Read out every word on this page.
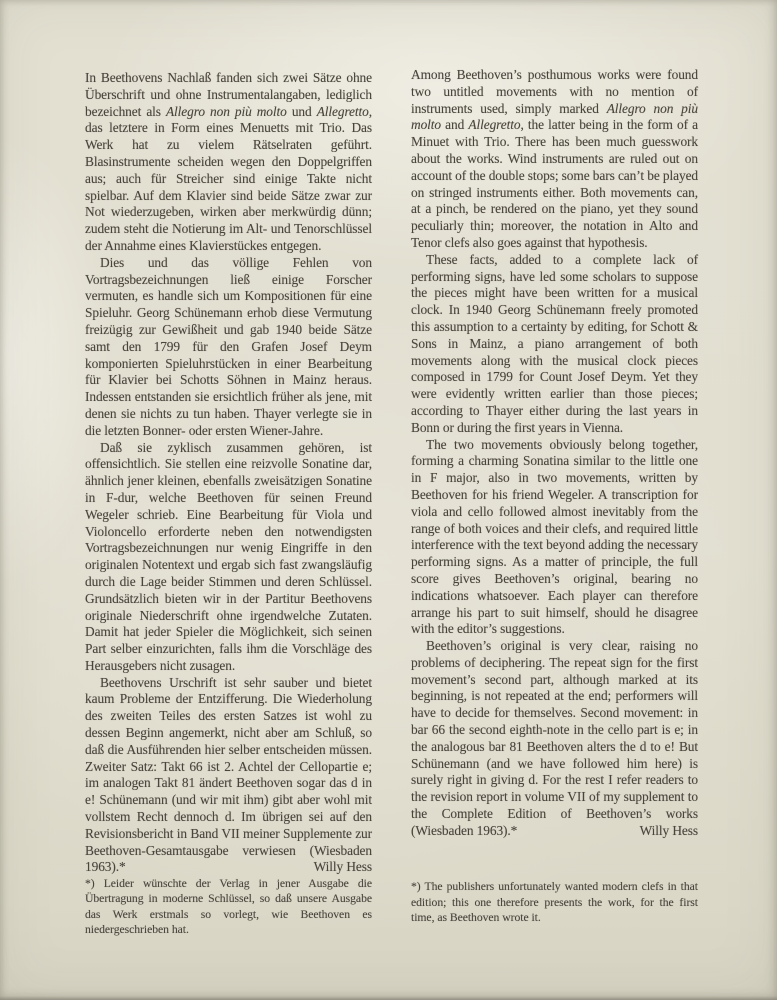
In Beethovens Nachlaß fanden sich zwei Sätze ohne Überschrift und ohne Instrumentalangaben, lediglich bezeichnet als Allegro non più molto und Allegretto, das letztere in Form eines Menuetts mit Trio. Das Werk hat zu vielem Rätselraten geführt. Blasinstrumente scheiden wegen den Doppelgriffen aus; auch für Streicher sind einige Takte nicht spielbar. Auf dem Klavier sind beide Sätze zwar zur Not wiederzugeben, wirken aber merkwürdig dünn; zudem steht die Notierung im Alt- und Tenorschlüssel der Annahme eines Klavierstückes entgegen.

Dies und das völlige Fehlen von Vortragsbezeichnungen ließ einige Forscher vermuten, es handle sich um Kompositionen für eine Spieluhr. Georg Schünemann erhob diese Vermutung freizügig zur Gewißheit und gab 1940 beide Sätze samt den 1799 für den Grafen Josef Deym komponierten Spieluhrstücken in einer Bearbeitung für Klavier bei Schotts Söhnen in Mainz heraus. Indessen entstanden sie ersichtlich früher als jene, mit denen sie nichts zu tun haben. Thayer verlegte sie in die letzten Bonner- oder ersten Wiener-Jahre.

Daß sie zyklisch zusammen gehören, ist offensichtlich. Sie stellen eine reizvolle Sonatine dar, ähnlich jener kleinen, ebenfalls zweisätzigen Sonatine in F-dur, welche Beethoven für seinen Freund Wegeler schrieb. Eine Bearbeitung für Viola und Violoncello erforderte neben den notwendigsten Vortragsbezeichnungen nur wenig Eingriffe in den originalen Notentext und ergab sich fast zwangsläufig durch die Lage beider Stimmen und deren Schlüssel. Grundsätzlich bieten wir in der Partitur Beethovens originale Niederschrift ohne irgendwelche Zutaten. Damit hat jeder Spieler die Möglichkeit, sich seinen Part selber einzurichten, falls ihm die Vorschläge des Herausgebers nicht zusagen.

Beethovens Urschrift ist sehr sauber und bietet kaum Probleme der Entzifferung. Die Wiederholung des zweiten Teiles des ersten Satzes ist wohl zu dessen Beginn angemerkt, nicht aber am Schluß, so daß die Ausführenden hier selber entscheiden müssen. Zweiter Satz: Takt 66 ist 2. Achtel der Cellopartie e; im analogen Takt 81 ändert Beethoven sogar das d in e! Schünemann (und wir mit ihm) gibt aber wohl mit vollstem Recht dennoch d. Im übrigen sei auf den Revisionsbericht in Band VII meiner Supplemente zur Beethoven-Gesamtausgabe verwiesen (Wiesbaden 1963).*	Willy Hess

*) Leider wünschte der Verlag in jener Ausgabe die Übertragung in moderne Schlüssel, so daß unsere Ausgabe das Werk erstmals so vorlegt, wie Beethoven es niedergeschrieben hat.

Among Beethoven’s posthumous works were found two untitled movements with no mention of instruments used, simply marked Allegro non più molto and Allegretto, the latter being in the form of a Minuet with Trio. There has been much guesswork about the works. Wind instruments are ruled out on account of the double stops; some bars can’t be played on stringed instruments either. Both movements can, at a pinch, be rendered on the piano, yet they sound peculiarly thin; moreover, the notation in Alto and Tenor clefs also goes against that hypothesis.

These facts, added to a complete lack of performing signs, have led some scholars to suppose the pieces might have been written for a musical clock. In 1940 Georg Schünemann freely promoted this assumption to a certainty by editing, for Schott & Sons in Mainz, a piano arrangement of both movements along with the musical clock pieces composed in 1799 for Count Josef Deym. Yet they were evidently written earlier than those pieces; according to Thayer either during the last years in Bonn or during the first years in Vienna.

The two movements obviously belong together, forming a charming Sonatina similar to the little one in F major, also in two movements, written by Beethoven for his friend Wegeler. A transcription for viola and cello followed almost inevitably from the range of both voices and their clefs, and required little interference with the text beyond adding the necessary performing signs. As a matter of principle, the full score gives Beethoven’s original, bearing no indications whatsoever. Each player can therefore arrange his part to suit himself, should he disagree with the editor’s suggestions.

Beethoven’s original is very clear, raising no problems of deciphering. The repeat sign for the first movement’s second part, although marked at its beginning, is not repeated at the end; performers will have to decide for themselves. Second movement: in bar 66 the second eighth-note in the cello part is e; in the analogous bar 81 Beethoven alters the d to e! But Schünemann (and we have followed him here) is surely right in giving d. For the rest I refer readers to the revision report in volume VII of my supplement to the Complete Edition of Beethoven’s works (Wiesbaden 1963).*	Willy Hess

*) The publishers unfortunately wanted modern clefs in that edition; this one therefore presents the work, for the first time, as Beethoven wrote it.
